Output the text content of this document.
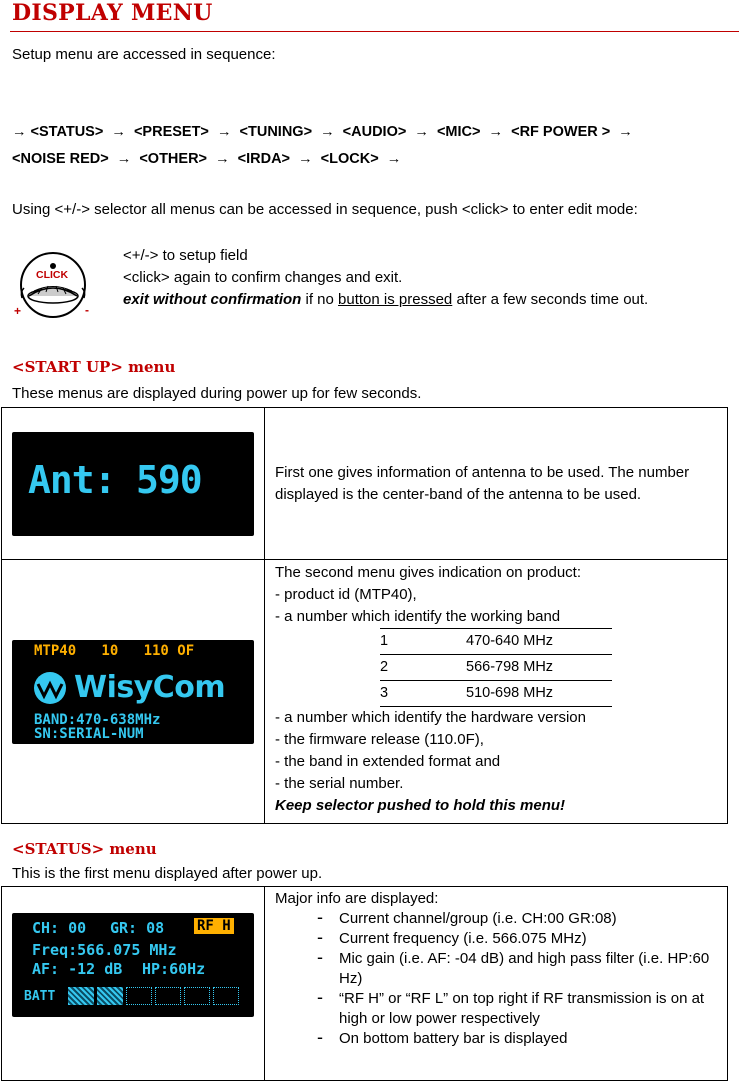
DISPLAY MENU
Setup menu are accessed in sequence:
→ <STATUS>  →  <PRESET>  →  <TUNING>  →  <AUDIO>  →  <MIC>  →  <RF POWER >  →
<NOISE RED>  →  <OTHER>  →  <IRDA>  →  <LOCK>  →
Using <+/-> selector all menus can be accessed in sequence, push <click> to enter edit mode:
CLICK
+	-
<+/-> to setup field
<click> again to confirm changes and exit.
exit without confirmation if no button is pressed after a few seconds time out.
<START UP> menu
These menus are displayed during power up for few seconds.
Ant: 590	First one gives information of antenna to be used. The number displayed is the center-band of the antenna to be used.

MTP40   10   110 OF
WisyCom
BAND:470-638MHz
SN:SERIAL-NUM

The second menu gives indication on product:
- product id (MTP40),
- a number which identify the working band
1	470-640 MHz
2	566-798 MHz
3	510-698 MHz
- a number which identify the hardware version
- the firmware release (110.0F),
- the band in extended format and
- the serial number.
Keep selector pushed to hold this menu!
<STATUS> menu
This is the first menu displayed after power up.
CH: 00 GR: 08 RF H
Freq:566.075 MHz
AF: -12 dB HP:60Hz
BATT

Major info are displayed:
- Current channel/group (i.e. CH:00 GR:08)
- Current frequency (i.e. 566.075 MHz)
- Mic gain (i.e. AF: -04 dB) and high pass filter (i.e. HP:60 Hz)
- “RF H” or “RF L” on top right if RF transmission is on at high or low power respectively
- On bottom battery bar is displayed
